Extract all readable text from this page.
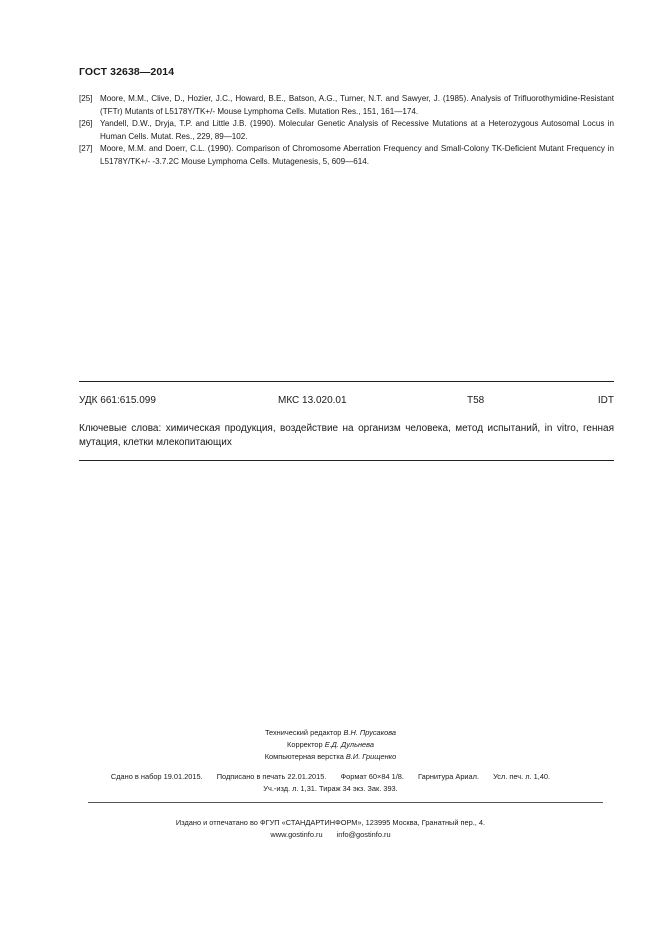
ГОСТ 32638—2014
[25] Moore, M.M., Clive, D., Hozier, J.C., Howard, B.E., Batson, A.G., Turner, N.T. and Sawyer, J. (1985). Analysis of Trifluorothymidine-Resistant (TFTr) Mutants of L5178Y/TK+/- Mouse Lymphoma Cells. Mutation Res., 151, 161—174.
[26] Yandell, D.W., Dryja, T.P. and Little J.B. (1990). Molecular Genetic Analysis of Recessive Mutations at a Heterozygous Autosomal Locus in Human Cells. Mutat. Res., 229, 89—102.
[27] Moore, M.M. and Doerr, C.L. (1990). Comparison of Chromosome Aberration Frequency and Small-Colony TK-Deficient Mutant Frequency in L5178Y/TK+/- -3.7.2C Mouse Lymphoma Cells. Mutagenesis, 5, 609—614.
УДК 661:615.099	МКС 13.020.01	Т58	IDT
Ключевые слова: химическая продукция, воздействие на организм человека, метод испытаний, in vitro, генная мутация, клетки млекопитающих
Технический редактор В.Н. Прусакова
Корректор Е.Д. Дульнева
Компьютерная верстка В.И. Грищенко
Сдано в набор 19.01.2015. Подписано в печать 22.01.2015. Формат 60×84 1/8. Гарнитура Ариал. Усл. печ. л. 1,40.
Уч.-изд. л. 1,31. Тираж 34 экз. Зак. 393.
Издано и отпечатано во ФГУП «СТАНДАРТИНФОРМ», 123995 Москва, Гранатный пер., 4.
www.gostinfo.ru info@gostinfo.ru
